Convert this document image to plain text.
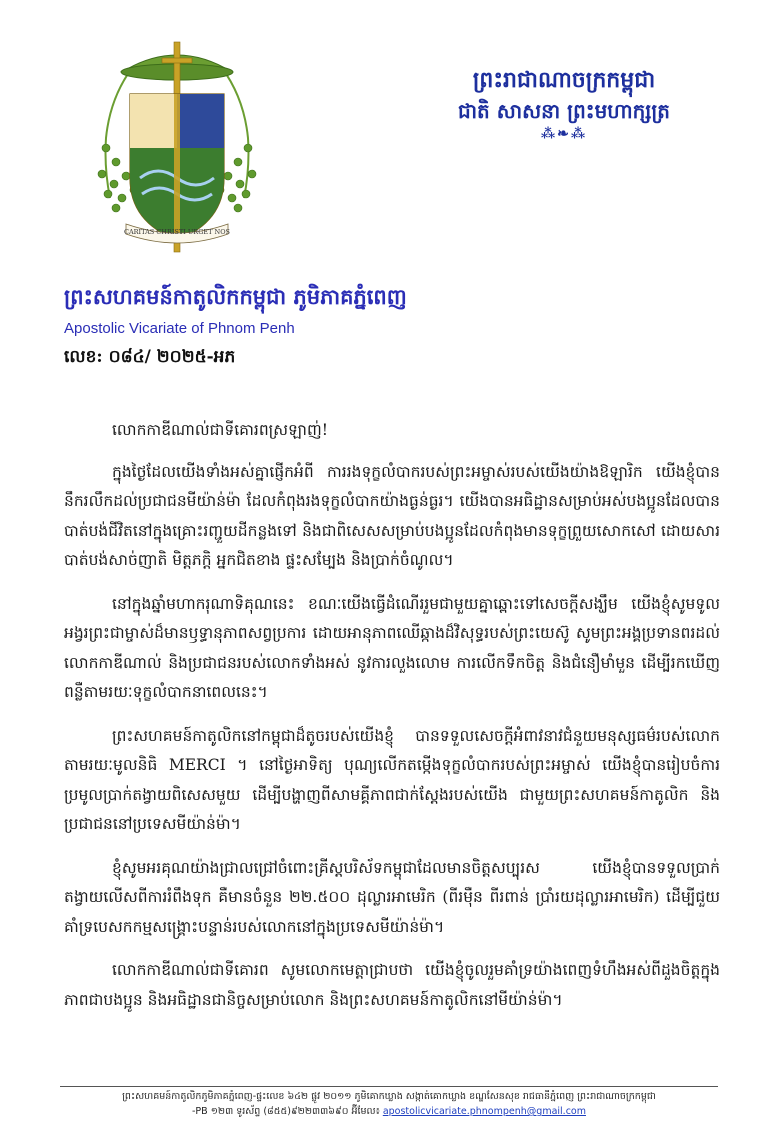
CARITAS CHRISTI URGET NOS
ព្រះរាជាណាចក្រកម្ពុជា
ជាតិ សាសនា ព្រះមហាក្សត្រ
⁂❧⁂
ព្រះសហគមន៍កាតូលិកកម្ពុជា ភូមិភាគភ្នំពេញ
Apostolic Vicariate of Phnom Penh
លេខ: ០៨៤/ ២០២៥-អភ

លោកកាឌីណាល់ជាទីគោរពស្រឡាញ់!

ក្នុងថ្ងៃដែលយើងទាំងអស់គ្នាផ្ញើកអំពី ការរងទុក្ខលំបាករបស់ព្រះអម្ចាស់របស់យើងយ៉ាងឱឡារិក យើងខ្ញុំបាននឹករលឹកដល់ប្រជាជនមីយ៉ាន់ម៉ា ដែលកំពុងរងទុក្ខលំបាកយ៉ាងធ្ងន់ធ្ងរ។ យើងបានអធិដ្ឋានសម្រាប់អស់បងប្អូនដែលបានបាត់បង់ជីវិតនៅក្នុងគ្រោះរញ្ជួយដីកន្លងទៅ និងជាពិសេសសម្រាប់បងប្អូនដែលកំពុងមានទុក្ខព្រួយសោកសៅ ដោយសារបាត់បង់សាច់ញាតិ មិត្តភក្តិ អ្នកជិតខាង ផ្ទះសម្បែង និងប្រាក់ចំណូល។

នៅក្នុងឆ្នាំមហាករុណាទិគុណនេះ ខណៈយើងធ្វើដំណើររួមជាមួយគ្នាឆ្ពោះទៅសេចក្តីសង្ឃឹម យើងខ្ញុំសូមទូលអង្វរព្រះជាម្ចាស់ដ៏មានឫទ្ធានុភាពសព្វប្រការ ដោយអានុភាពឈើឆ្កាងដ៏វិសុទ្ធរបស់ព្រះយេស៊ូ សូមព្រះអង្គប្រទានពរដល់លោកកាឌីណាល់ និងប្រជាជនរបស់លោកទាំងអស់ នូវការលួងលោម ការលើកទឹកចិត្ត និងជំនឿមាំមួន ដើម្បីរកឃើញពន្លឺតាមរយៈទុក្ខលំបាកនាពេលនេះ។

ព្រះសហគមន៍កាតូលិកនៅកម្ពុជាដ៏តូចរបស់យើងខ្ញុំ បានទទួលសេចក្តីអំពាវនាវជំនួយមនុស្សធម៌របស់លោក តាមរយៈមូលនិធិ MERCI ។ នៅថ្ងៃអាទិត្យ បុណ្យលើកតម្កើងទុក្ខលំបាករបស់ព្រះអម្ចាស់ យើងខ្ញុំបានរៀបចំការប្រមូលប្រាក់តង្វាយពិសេសមួយ ដើម្បីបង្ហាញពីសាមគ្គីភាពជាក់ស្តែងរបស់យើង ជាមួយព្រះសហគមន៍កាតូលិក និងប្រជាជននៅប្រទេសមីយ៉ាន់ម៉ា។

ខ្ញុំសូមអរគុណយ៉ាងជ្រាលជ្រៅចំពោះគ្រីស្តបរិស័ទកម្ពុជាដែលមានចិត្តសប្បុរស យើងខ្ញុំបានទទួលប្រាក់តង្វាយលើសពីការរំពឹងទុក គឺមានចំនួន ២២.៥០០ ដុល្លារអាមេរិក (ពីរម៉ឺន ពីរពាន់ ប្រាំរយដុល្លារអាមេរិក) ដើម្បីជួយគាំទ្របេសកកម្មសង្គ្រោះបន្ទាន់របស់លោកនៅក្នុងប្រទេសមីយ៉ាន់ម៉ា។

លោកកាឌីណាល់ជាទីគោរព សូមលោកមេត្តាជ្រាបថា យើងខ្ញុំចូលរួមគាំទ្រយ៉ាងពេញទំហឹងអស់ពីដួងចិត្តក្នុងភាពជាបងប្អូន និងអធិដ្ឋានជានិច្ចសម្រាប់លោក និងព្រះសហគមន៍កាតូលិកនៅមីយ៉ាន់ម៉ា។

ព្រះសហគមន៍កាតូលិកភូមិភាគភ្នំពេញ-ផ្ទះលេខ ៦៤២ ផ្លូវ ២០១១ ភូមិគោកឃ្លាង សង្កាត់គោកឃ្លាង ខណ្ឌសែនសុខ រាជធានីភ្នំពេញ ព្រះរាជាណាចក្រកម្ពុជា
-PB ១២៣ ទូរស័ព្ទ (៨៥៥)៩២២៣៣៦៩០ អ៊ីមែល៖ apostolicvicariate.phnompenh@gmail.com
